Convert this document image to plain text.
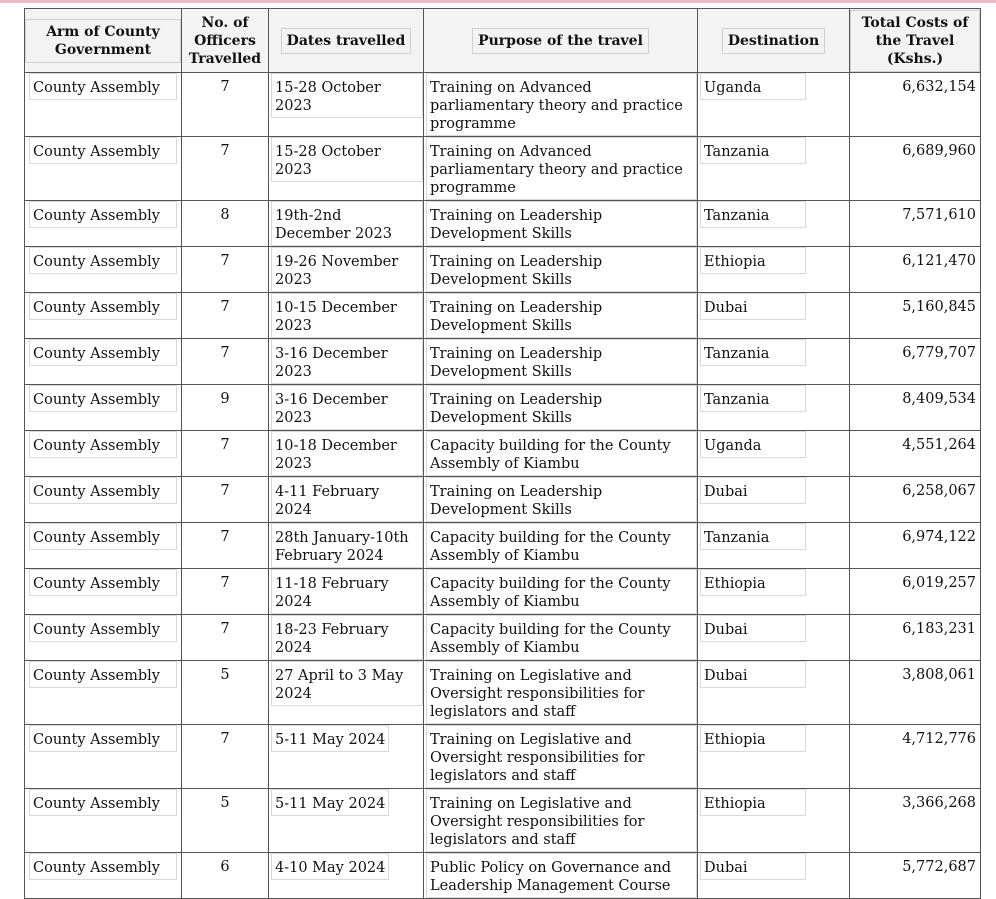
Arm of County Government	No. of Officers Travelled	Dates travelled	Purpose of the travel	Destination	Total Costs of the Travel (Kshs.)
County Assembly	7	15-28 October 2023	Training on Advanced parliamentary theory and practice programme	Uganda	6,632,154
County Assembly	7	15-28 October 2023	Training on Advanced parliamentary theory and practice programme	Tanzania	6,689,960
County Assembly	8	19th-2nd December 2023	Training on Leadership Development Skills	Tanzania	7,571,610
County Assembly	7	19-26 November 2023	Training on Leadership Development Skills	Ethiopia	6,121,470
County Assembly	7	10-15 December 2023	Training on Leadership Development Skills	Dubai	5,160,845
County Assembly	7	3-16 December 2023	Training on Leadership Development Skills	Tanzania	6,779,707
County Assembly	9	3-16 December 2023	Training on Leadership Development Skills	Tanzania	8,409,534
County Assembly	7	10-18 December 2023	Capacity building for the County Assembly of Kiambu	Uganda	4,551,264
County Assembly	7	4-11 February 2024	Training on Leadership Development Skills	Dubai	6,258,067
County Assembly	7	28th January-10th February 2024	Capacity building for the County Assembly of Kiambu	Tanzania	6,974,122
County Assembly	7	11-18 February 2024	Capacity building for the County Assembly of Kiambu	Ethiopia	6,019,257
County Assembly	7	18-23 February 2024	Capacity building for the County Assembly of Kiambu	Dubai	6,183,231
County Assembly	5	27 April to 3 May 2024	Training on Legislative and Oversight responsibilities for legislators and staff	Dubai	3,808,061
County Assembly	7	5-11 May 2024	Training on Legislative and Oversight responsibilities for legislators and staff	Ethiopia	4,712,776
County Assembly	5	5-11 May 2024	Training on Legislative and Oversight responsibilities for legislators and staff	Ethiopia	3,366,268
County Assembly	6	4-10 May 2024	Public Policy on Governance and Leadership Management Course	Dubai	5,772,687
